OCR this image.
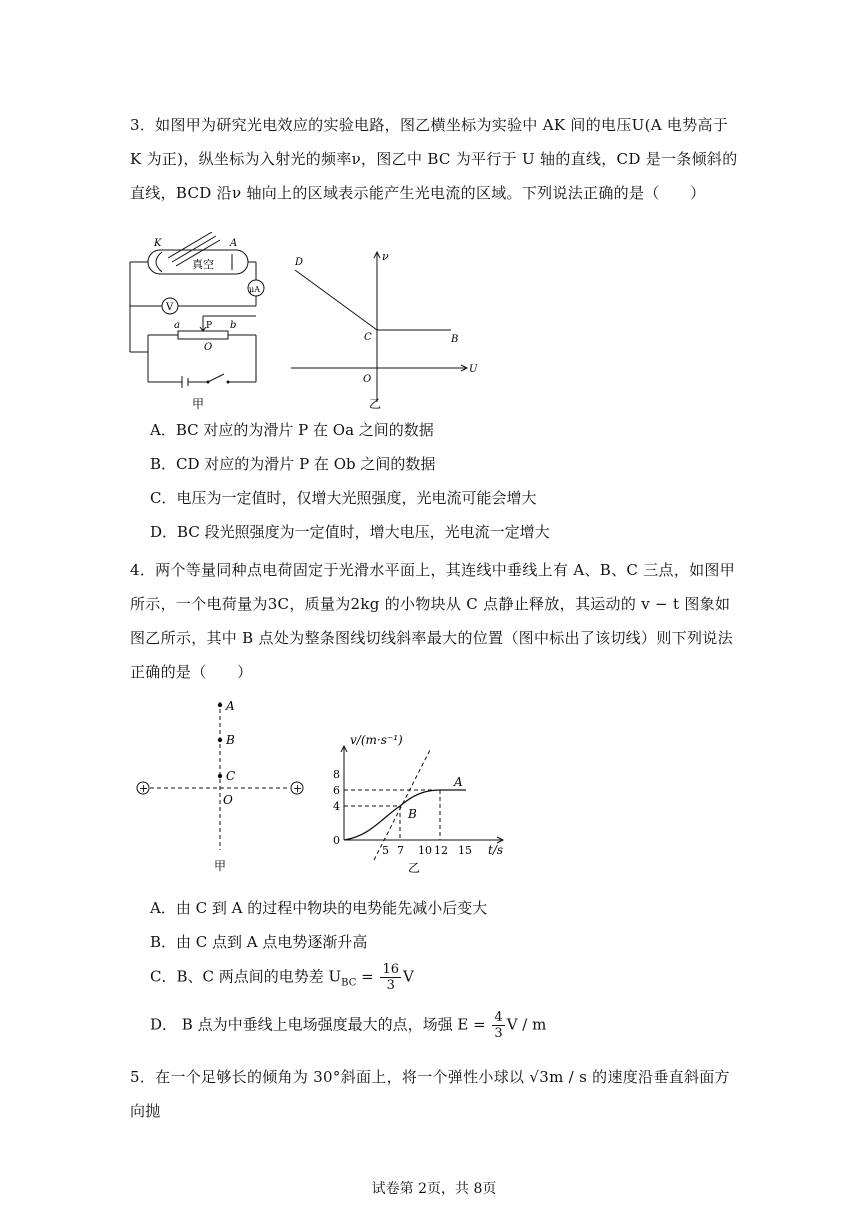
3．如图甲为研究光电效应的实验电路，图乙横坐标为实验中 AK 间的电压U(A 电势高于 K 为正)，纵坐标为入射光的频率ν，图乙中 BC 为平行于 U 轴的直线，CD 是一条倾斜的直线，BCD 沿ν 轴向上的区域表示能产生光电流的区域。下列说法正确的是（　　）
K	A
真空
V
μA
a	b
P
O
甲
ν
D
C	B
O
U
乙
A．BC 对应的为滑片 P 在 Oa 之间的数据
B．CD 对应的为滑片 P 在 Ob 之间的数据
C．电压为一定值时，仅增大光照强度，光电流可能会增大
D．BC 段光照强度为一定值时，增大电压，光电流一定增大
4．两个等量同种点电荷固定于光滑水平面上，其连线中垂线上有 A、B、C 三点，如图甲所示，一个电荷量为3C，质量为2kg 的小物块从 C 点静止释放，其运动的 v − t 图象如图乙所示，其中 B 点处为整条图线切线斜率最大的位置（图中标出了该切线）则下列说法正确的是（　　）
+	+
A
B
C
O
甲
v/(m·s⁻¹)
8
6
4
0
5 7 10 12 15 t/s
A
B
乙
A．由 C 到 A 的过程中物块的电势能先减小后变大
B．由 C 点到 A 点电势逐渐升高
C．B、C 两点间的电势差 $U_{BC} = \frac{16}{3}$ V
D． B 点为中垂线上电场强度最大的点，场强 $E = \frac{4}{3}$ V / m
5．在一个足够长的倾角为 30°斜面上，将一个弹性小球以 √3m / s 的速度沿垂直斜面方向抛
试卷第 2页，共 8页
